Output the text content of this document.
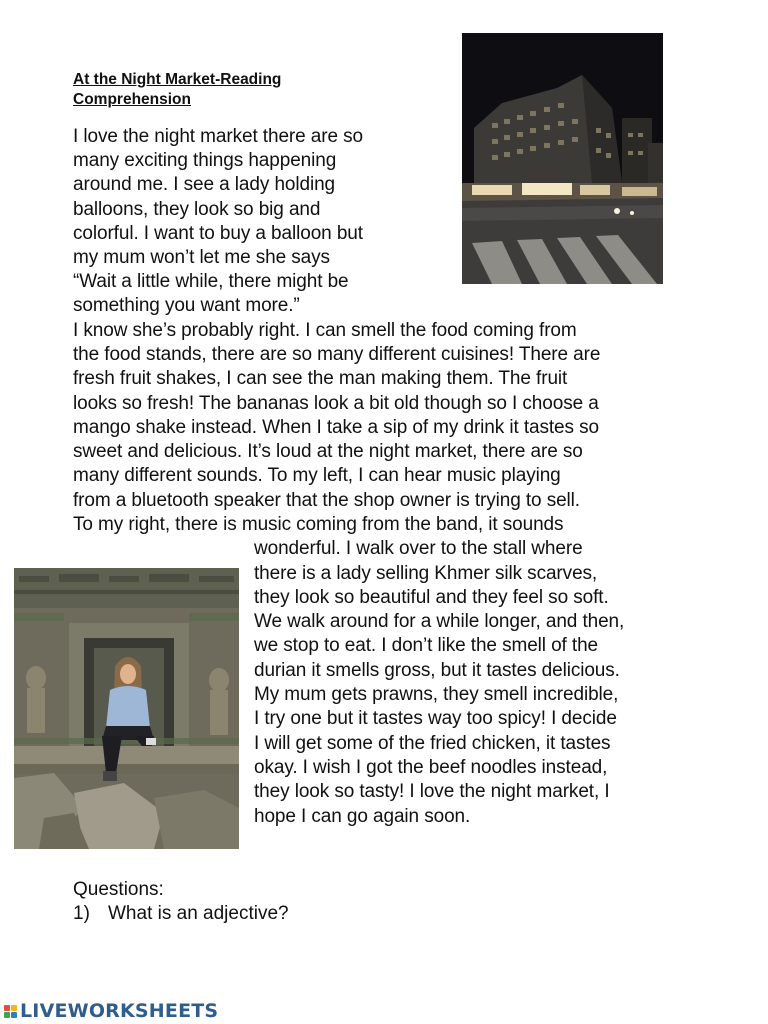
At the Night Market-Reading
Comprehension
I love the night market there are so
many exciting things happening
around me. I see a lady holding
balloons, they look so big and
colorful. I want to buy a balloon but
my mum won’t let me she says
“Wait a little while, there might be
something you want more.”
I know she’s probably right. I can smell the food coming from
the food stands, there are so many different cuisines! There are
fresh fruit shakes, I can see the man making them. The fruit
looks so fresh! The bananas look a bit old though so I choose a
mango shake instead. When I take a sip of my drink it tastes so
sweet and delicious. It’s loud at the night market, there are so
many different sounds. To my left, I can hear music playing
from a bluetooth speaker that the shop owner is trying to sell.
To my right, there is music coming from the band, it sounds
wonderful. I walk over to the stall where
there is a lady selling Khmer silk scarves,
they look so beautiful and they feel so soft.
We walk around for a while longer, and then,
we stop to eat. I don’t like the smell of the
durian it smells gross, but it tastes delicious.
My mum gets prawns, they smell incredible,
I try one but it tastes way too spicy! I decide
I will get some of the fried chicken, it tastes
okay. I wish I got the beef noodles instead,
they look so tasty! I love the night market, I
hope I can go again soon.
Questions:
1) What is an adjective?
LIVEWORKSHEETS
